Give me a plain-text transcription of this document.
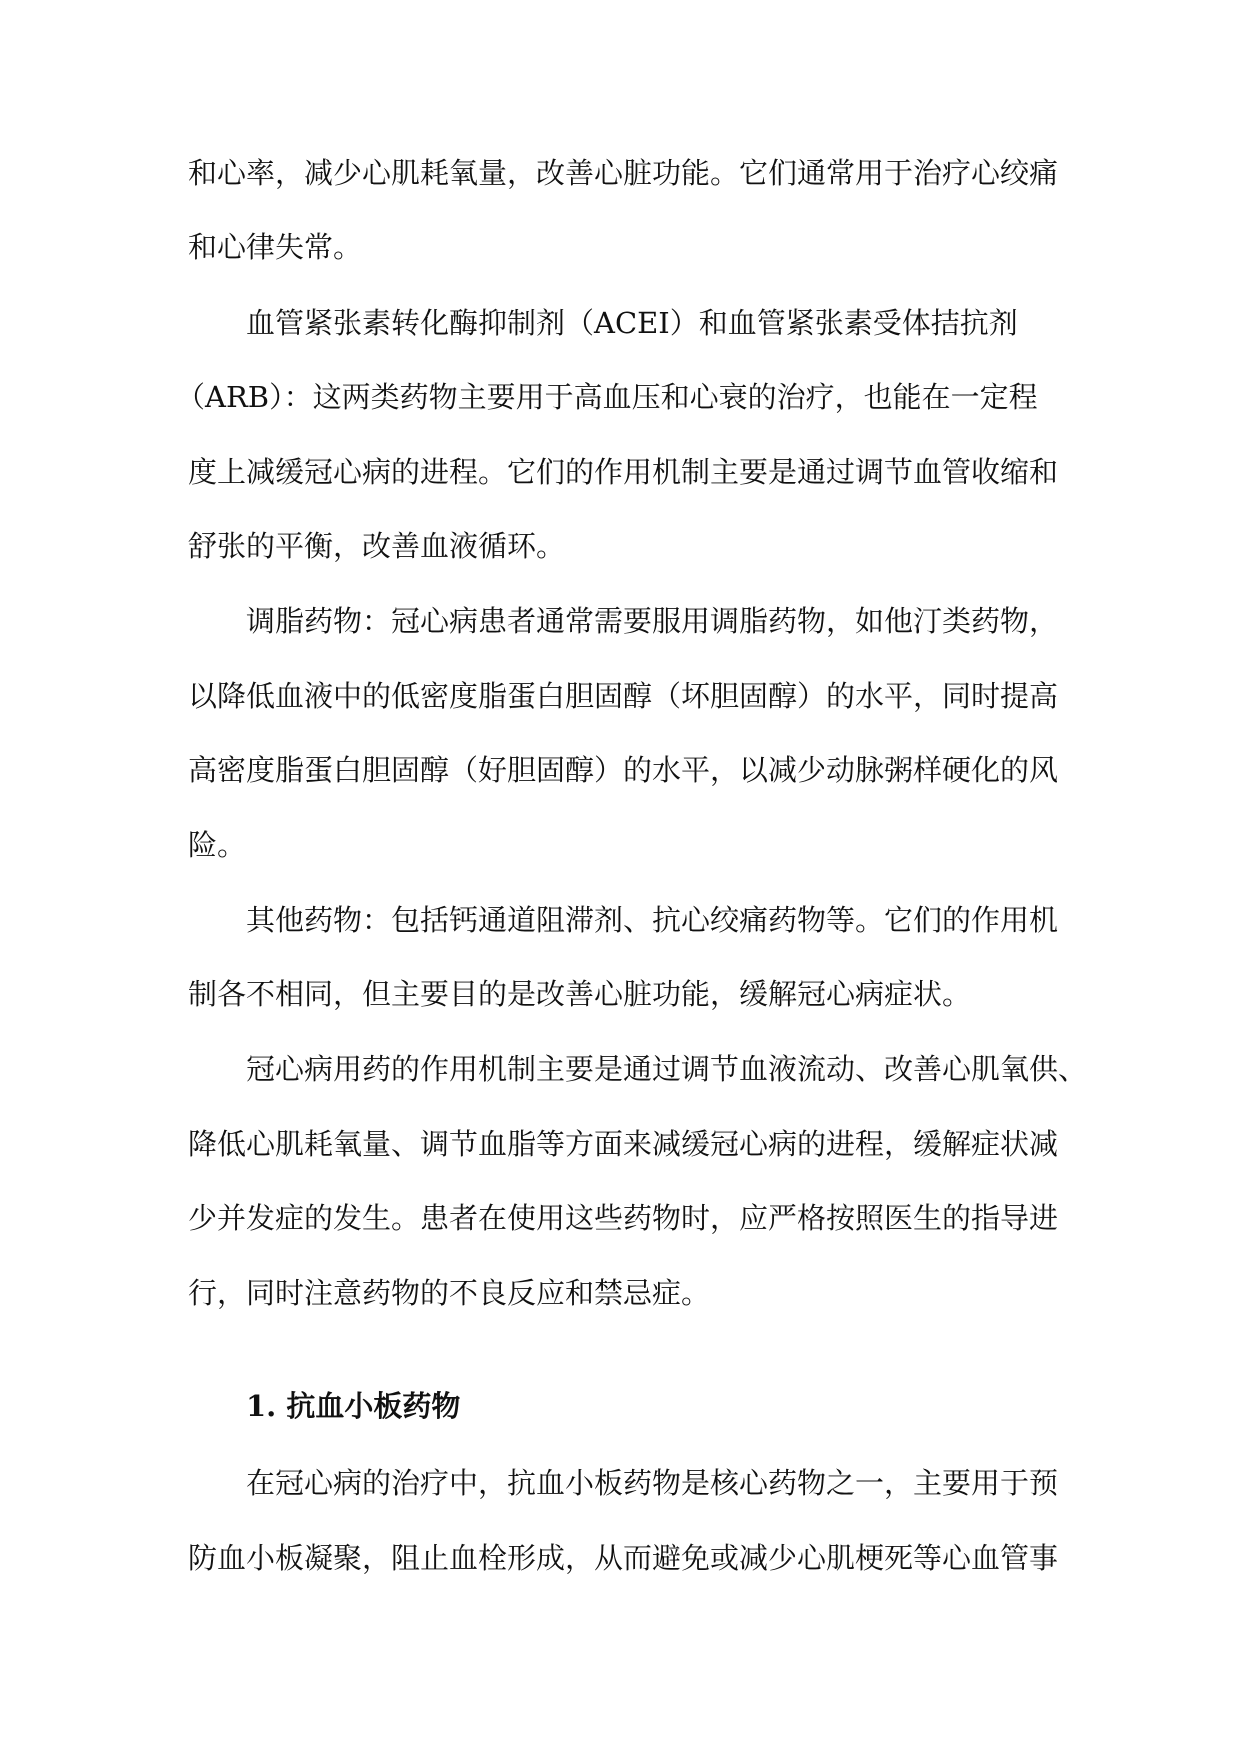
和心率，减少心肌耗氧量，改善心脏功能。它们通常用于治疗心绞痛

和心律失常。

血管紧张素转化酶抑制剂（ACEI）和血管紧张素受体拮抗剂

（ARB）：这两类药物主要用于高血压和心衰的治疗，也能在一定程

度上减缓冠心病的进程。它们的作用机制主要是通过调节血管收缩和

舒张的平衡，改善血液循环。

调脂药物：冠心病患者通常需要服用调脂药物，如他汀类药物，

以降低血液中的低密度脂蛋白胆固醇（坏胆固醇）的水平，同时提高

高密度脂蛋白胆固醇（好胆固醇）的水平，以减少动脉粥样硬化的风

险。

其他药物：包括钙通道阻滞剂、抗心绞痛药物等。它们的作用机

制各不相同，但主要目的是改善心脏功能，缓解冠心病症状。

冠心病用药的作用机制主要是通过调节血液流动、改善心肌氧供、

降低心肌耗氧量、调节血脂等方面来减缓冠心病的进程，缓解症状减

少并发症的发生。患者在使用这些药物时，应严格按照医生的指导进

行，同时注意药物的不良反应和禁忌症。

1. 抗血小板药物

在冠心病的治疗中，抗血小板药物是核心药物之一，主要用于预

防血小板凝聚，阻止血栓形成，从而避免或减少心肌梗死等心血管事
